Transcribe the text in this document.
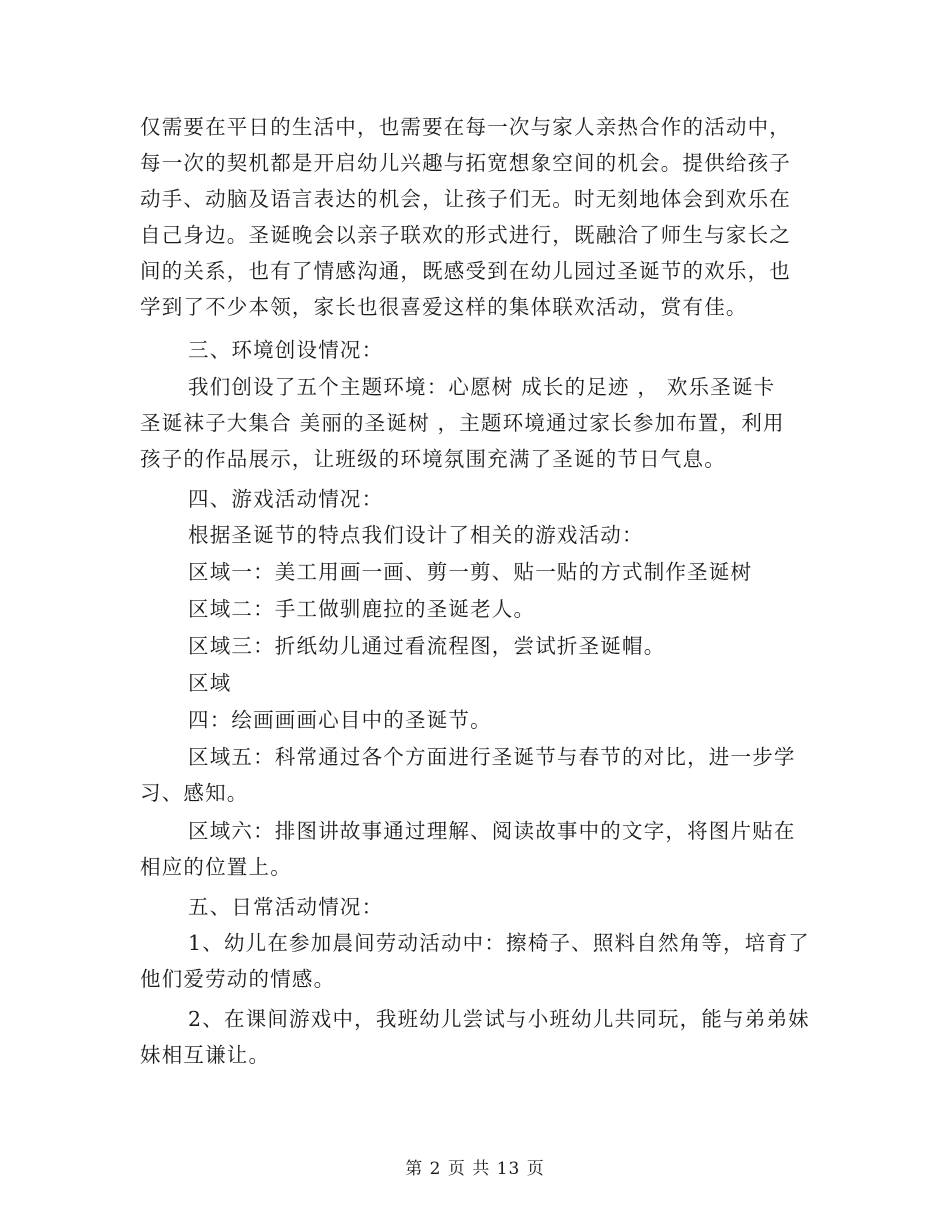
仅需要在平日的生活中，也需要在每一次与家人亲热合作的活动中，
每一次的契机都是开启幼儿兴趣与拓宽想象空间的机会。提供给孩子
动手、动脑及语言表达的机会，让孩子们无。时无刻地体会到欢乐在
自己身边。圣诞晚会以亲子联欢的形式进行，既融洽了师生与家长之
间的关系，也有了情感沟通，既感受到在幼儿园过圣诞节的欢乐，也
学到了不少本领，家长也很喜爱这样的集体联欢活动，赏有佳。
三、环境创设情况：
我们创设了五个主题环境：心愿树 成长的足迹 ， 欢乐圣诞卡
圣诞袜子大集合 美丽的圣诞树 ，主题环境通过家长参加布置，利用
孩子的作品展示，让班级的环境氛围充满了圣诞的节日气息。
四、游戏活动情况：
根据圣诞节的特点我们设计了相关的游戏活动：
区域一：美工用画一画、剪一剪、贴一贴的方式制作圣诞树
区域二：手工做驯鹿拉的圣诞老人。
区域三：折纸幼儿通过看流程图，尝试折圣诞帽。
区域
四：绘画画画心目中的圣诞节。
区域五：科常通过各个方面进行圣诞节与春节的对比，进一步学
习、感知。
区域六：排图讲故事通过理解、阅读故事中的文字，将图片贴在
相应的位置上。
五、日常活动情况：
1、幼儿在参加晨间劳动活动中：擦椅子、照料自然角等，培育了
他们爱劳动的情感。
2、在课间游戏中，我班幼儿尝试与小班幼儿共同玩，能与弟弟妹
妹相互谦让。
第 2 页 共 13 页
